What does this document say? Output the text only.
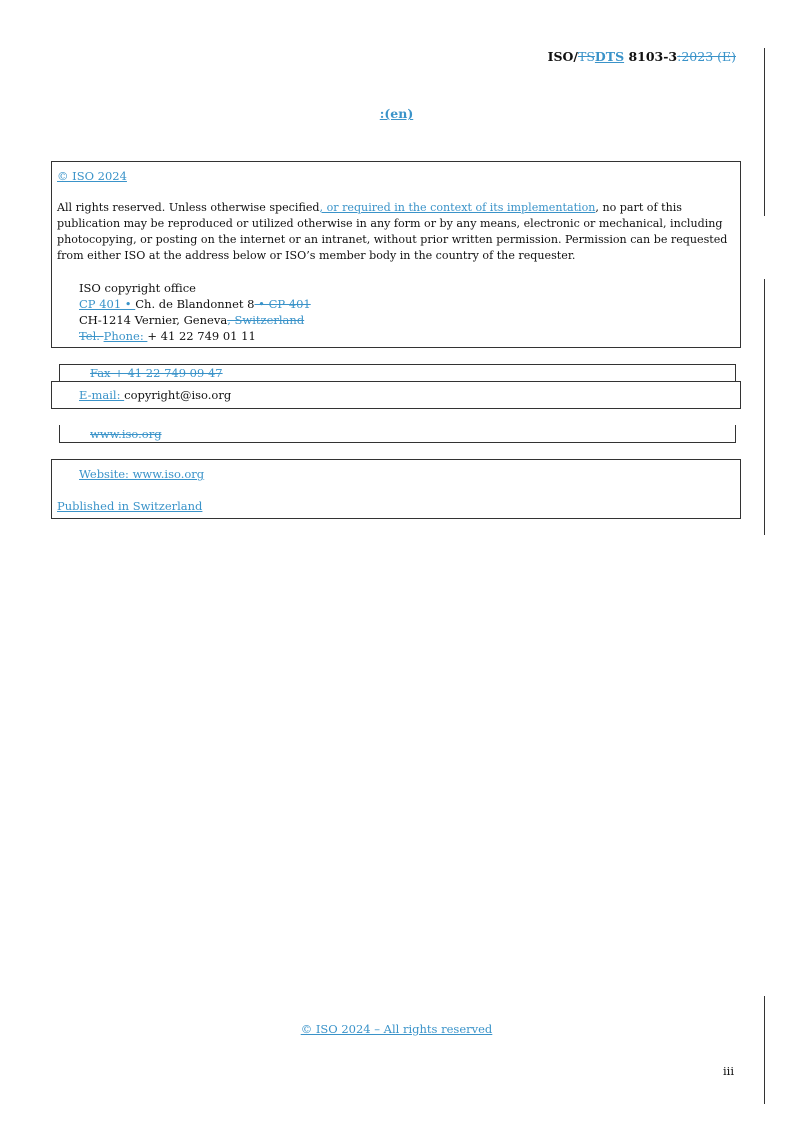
ISO/TSDTS 8103-3:2023 (E)
:(en)
© ISO 2024
All rights reserved. Unless otherwise specified, or required in the context of its implementation, no part of this publication may be reproduced or utilized otherwise in any form or by any means, electronic or mechanical, including photocopying, or posting on the internet or an intranet, without prior written permission. Permission can be requested from either ISO at the address below or ISO’s member body in the country of the requester.
ISO copyright office
CP 401 • Ch. de Blandonnet 8 • CP 401
CH-1214 Vernier, Geneva, Switzerland
Tel. Phone: + 41 22 749 01 11
Fax + 41 22 749 09 47
E-mail: copyright@iso.org
www.iso.org
Website: www.iso.org
Published in Switzerland
© ISO 2024 – All rights reserved
iii
